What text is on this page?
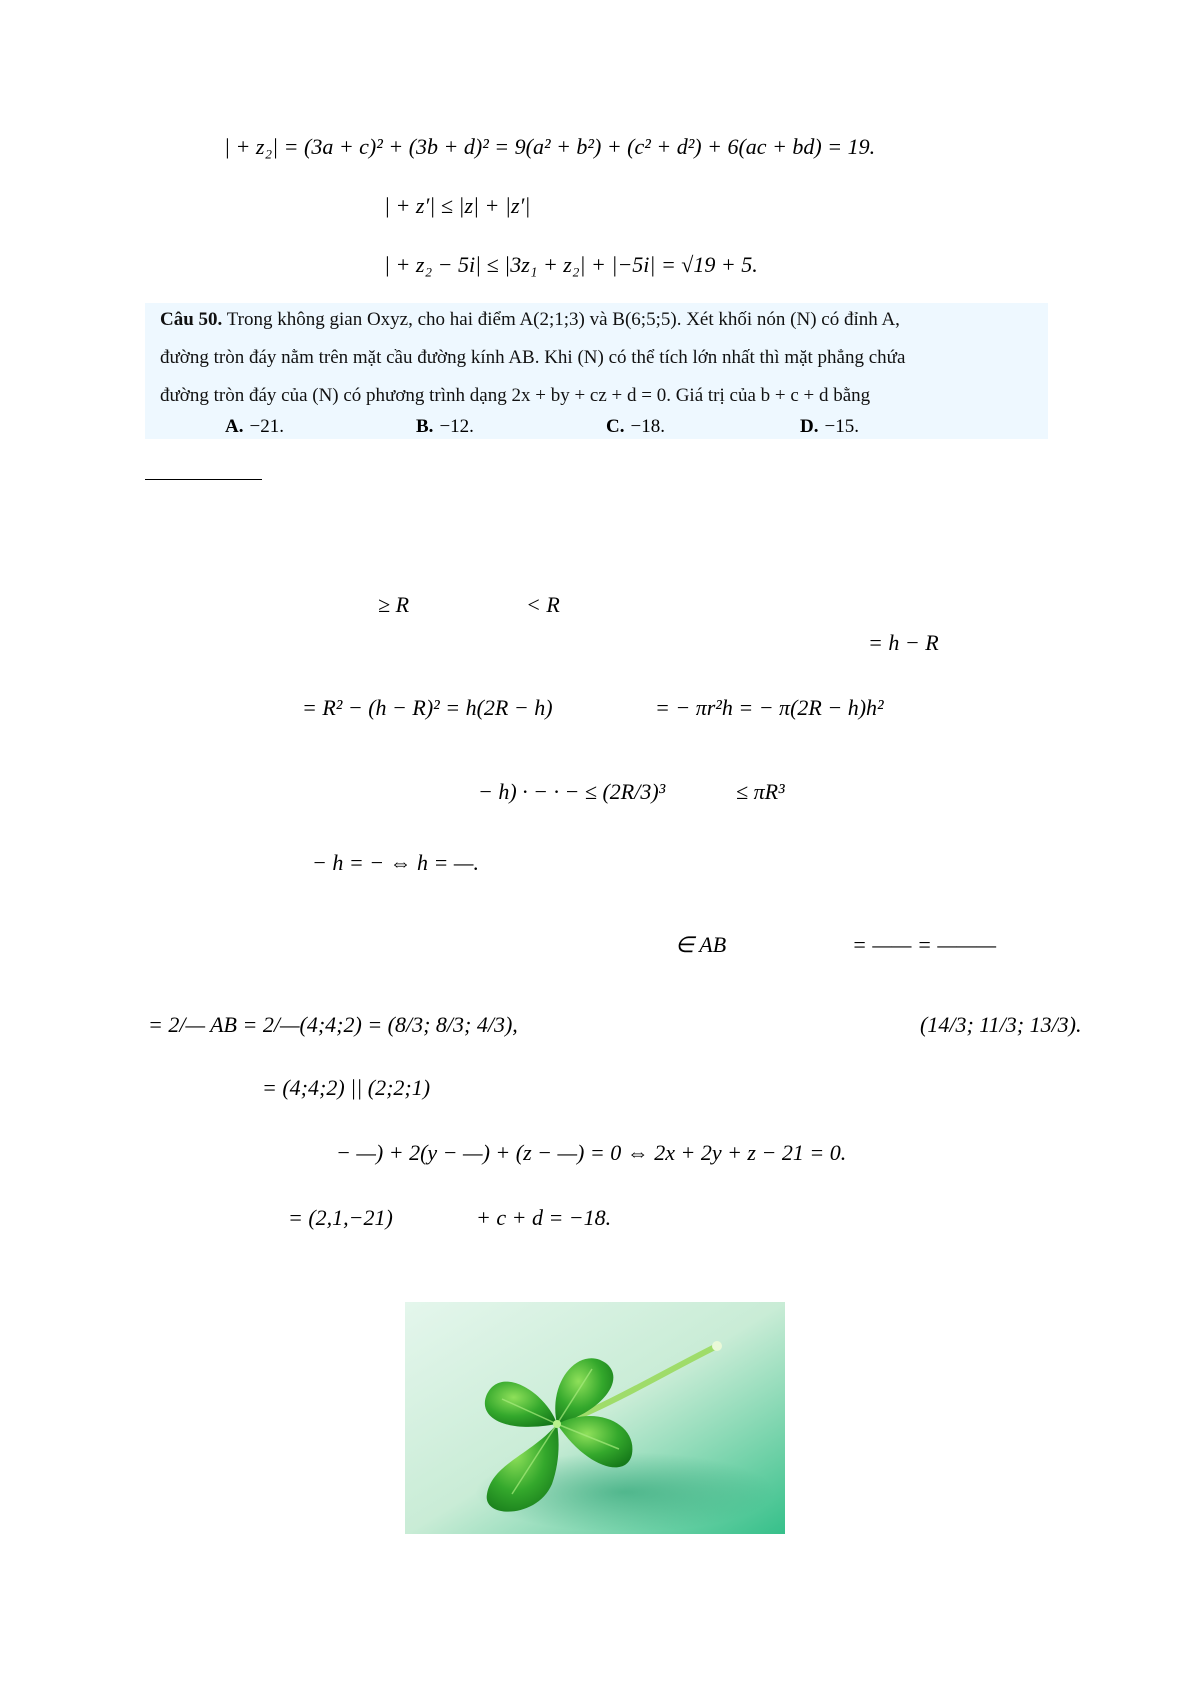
| + z₂| = (3a + c)² + (3b + d)² = 9(a² + b²) + (c² + d²) + 6(ac + bd) = 19.
| + z′| ≤ |z| + |z′|
| + z₂ − 5i| ≤ |3z₁ + z₂| + |−5i| = √19 + 5.
Câu 50. Trong không gian Oxyz, cho hai điểm A(2;1;3) và B(6;5;5). Xét khối nón (N) có đỉnh A,
đường tròn đáy nằm trên mặt cầu đường kính AB. Khi (N) có thể tích lớn nhất thì mặt phẳng chứa
đường tròn đáy của (N) có phương trình dạng 2x + by + cz + d = 0. Giá trị của b + c + d bằng
A. −21.	B. −12.	C. −18.	D. −15.
≥ R	< R
= h − R
= R² − (h − R)² = h(2R − h)	= − πr²h = − π(2R − h)h²
− h) · − · − ≤ (2R/3)³	≤ πR³
− h = − ⇔ h = —.
∈ AB	= —— = ———
= 2/— AB = 2/—(4;4;2) = (8/3; 8/3; 4/3),	(14/3; 11/3; 13/3).
= (4;4;2) || (2;2;1)
− —) + 2(y − —) + (z − —) = 0 ⇔ 2x + 2y + z − 21 = 0.
= (2,1,−21)	+ c + d = −18.
